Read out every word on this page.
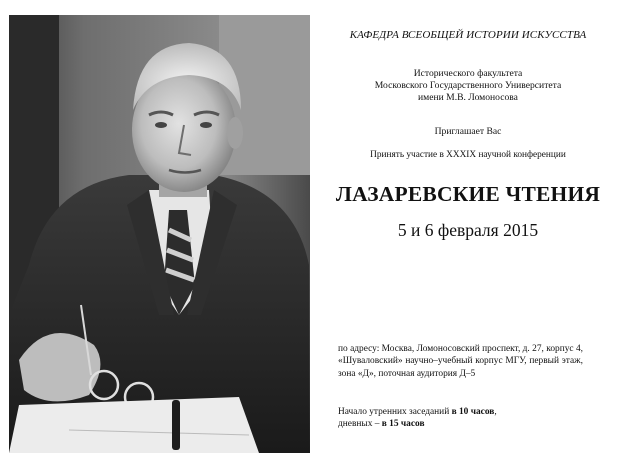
КАФЕДРА ВСЕОБЩЕЙ ИСТОРИИ ИСКУССТВА
Исторического факультета
Московского Государственного Университета
имени М.В. Ломоносова
Приглашает Вас
Принять участие в XXXIX научной конференции
ЛАЗАРЕВСКИЕ ЧТЕНИЯ
5 и 6 февраля 2015
по адресу: Москва, Ломоносовский проспект, д. 27, корпус 4, «Шуваловский» научно–учебный корпус МГУ, первый этаж, зона «Д», поточная аудитория Д–5
Начало утренних заседаний в 10 часов,
дневных – в 15 часов
